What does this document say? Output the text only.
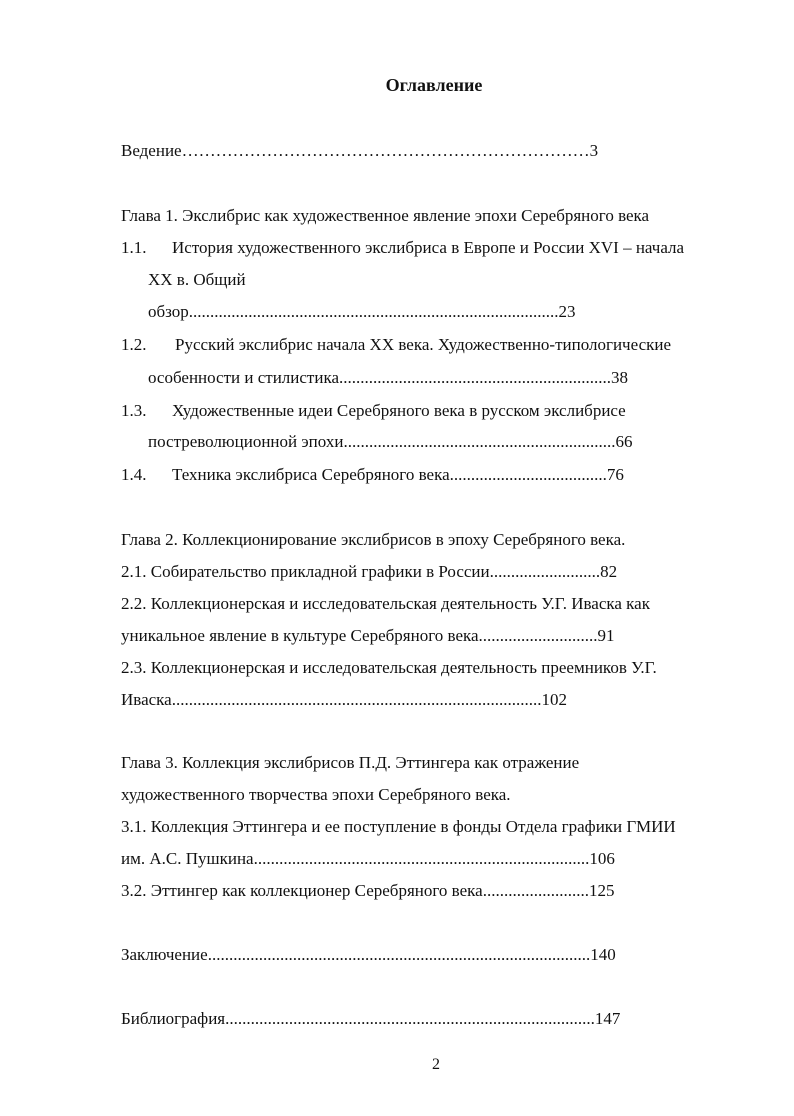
Оглавление
Ведение………………………………………………………………3
Глава 1. Экслибрис как художественное явление эпохи Серебряного века
1.1. История художественного экслибриса в Европе и России XVI – начала
XX в. Общий
обзор.......................................................................................23
1.2. Русский экслибрис начала XX века. Художественно-типологические
особенности и стилистика................................................................38
1.3. Художественные идеи Серебряного века в русском экслибрисе
постреволюционной эпохи................................................................66
1.4. Техника экслибриса Серебряного века.....................................76
Глава 2. Коллекционирование экслибрисов в эпоху Серебряного века.
2.1. Собирательство прикладной графики в России..........................82
2.2. Коллекционерская и исследовательская деятельность У.Г. Иваска как
уникальное явление в культуре Серебряного века............................91
2.3. Коллекционерская и исследовательская деятельность преемников У.Г.
Иваска.......................................................................................102
Глава 3. Коллекция экслибрисов П.Д. Эттингера как отражение
художественного творчества эпохи Серебряного века.
3.1. Коллекция Эттингера и ее поступление в фонды Отдела графики ГМИИ
им. А.С. Пушкина...............................................................................106
3.2. Эттингер как коллекционер Серебряного века.........................125
Заключение..........................................................................................140
Библиография.......................................................................................147
2
